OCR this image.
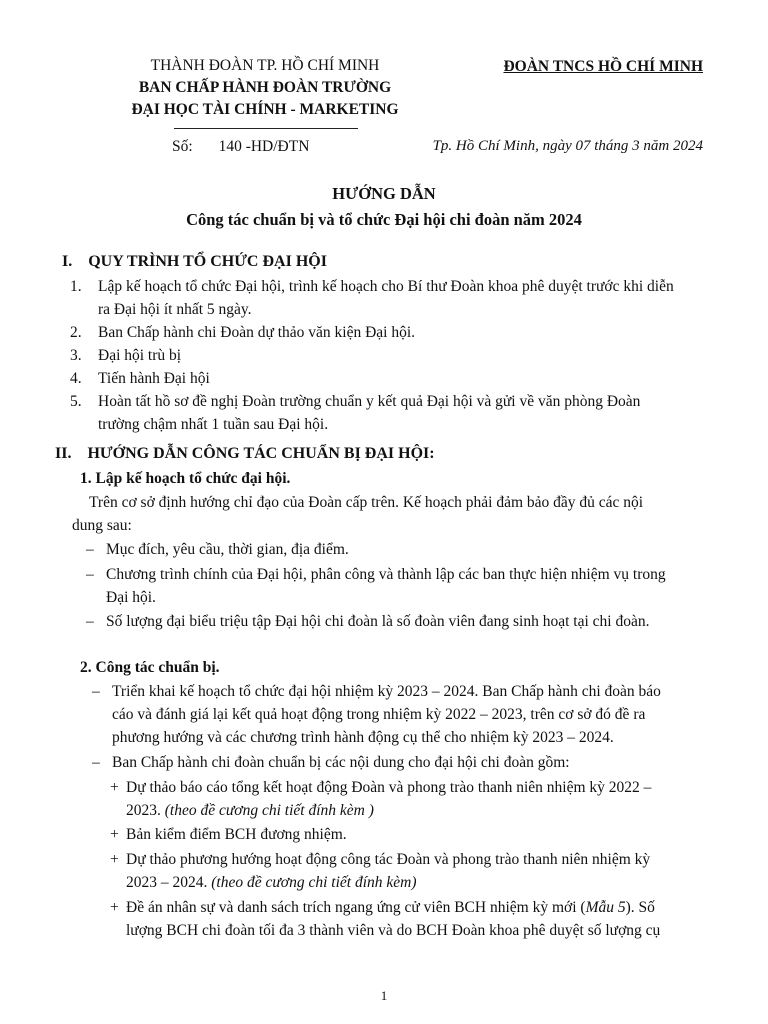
THÀNH ĐOÀN TP. HỒ CHÍ MINH
BAN CHẤP HÀNH ĐOÀN TRƯỜNG
ĐẠI HỌC TÀI CHÍNH - MARKETING
ĐOÀN TNCS HỒ CHÍ MINH
Số: 140 -HD/ĐTN	Tp. Hồ Chí Minh, ngày 07 tháng 3 năm 2024
HƯỚNG DẪN
Công tác chuẩn bị và tổ chức Đại hội chi đoàn năm 2024
I. QUY TRÌNH TỔ CHỨC ĐẠI HỘI
1. Lập kế hoạch tổ chức Đại hội, trình kế hoạch cho Bí thư Đoàn khoa phê duyệt trước khi diễn
ra Đại hội ít nhất 5 ngày.
2. Ban Chấp hành chi Đoàn dự thảo văn kiện Đại hội.
3. Đại hội trù bị
4. Tiến hành Đại hội
5. Hoàn tất hồ sơ đề nghị Đoàn trường chuẩn y kết quả Đại hội và gửi về văn phòng Đoàn
trường chậm nhất 1 tuần sau Đại hội.
II. HƯỚNG DẪN CÔNG TÁC CHUẨN BỊ ĐẠI HỘI:
1. Lập kế hoạch tổ chức đại hội.
Trên cơ sở định hướng chỉ đạo của Đoàn cấp trên. Kế hoạch phải đảm bảo đầy đủ các nội
dung sau:
– Mục đích, yêu cầu, thời gian, địa điểm.
– Chương trình chính của Đại hội, phân công và thành lập các ban thực hiện nhiệm vụ trong
Đại hội.
– Số lượng đại biểu triệu tập Đại hội chi đoàn là số đoàn viên đang sinh hoạt tại chi đoàn.
2. Công tác chuẩn bị.
– Triển khai kế hoạch tổ chức đại hội nhiệm kỳ 2023 – 2024. Ban Chấp hành chi đoàn báo
cáo và đánh giá lại kết quả hoạt động trong nhiệm kỳ 2022 – 2023, trên cơ sở đó đề ra
phương hướng và các chương trình hành động cụ thể cho nhiệm kỳ 2023 – 2024.
– Ban Chấp hành chi đoàn chuẩn bị các nội dung cho đại hội chi đoàn gồm:
+ Dự thảo báo cáo tổng kết hoạt động Đoàn và phong trào thanh niên nhiệm kỳ 2022 –
2023. (theo đề cương chi tiết đính kèm )
+ Bản kiểm điểm BCH đương nhiệm.
+ Dự thảo phương hướng hoạt động công tác Đoàn và phong trào thanh niên nhiệm kỳ
2023 – 2024. (theo đề cương chi tiết đính kèm)
+ Đề án nhân sự và danh sách trích ngang ứng cử viên BCH nhiệm kỳ mới (Mẫu 5). Số
lượng BCH chi đoàn tối đa 3 thành viên và do BCH Đoàn khoa phê duyệt số lượng cụ
1
